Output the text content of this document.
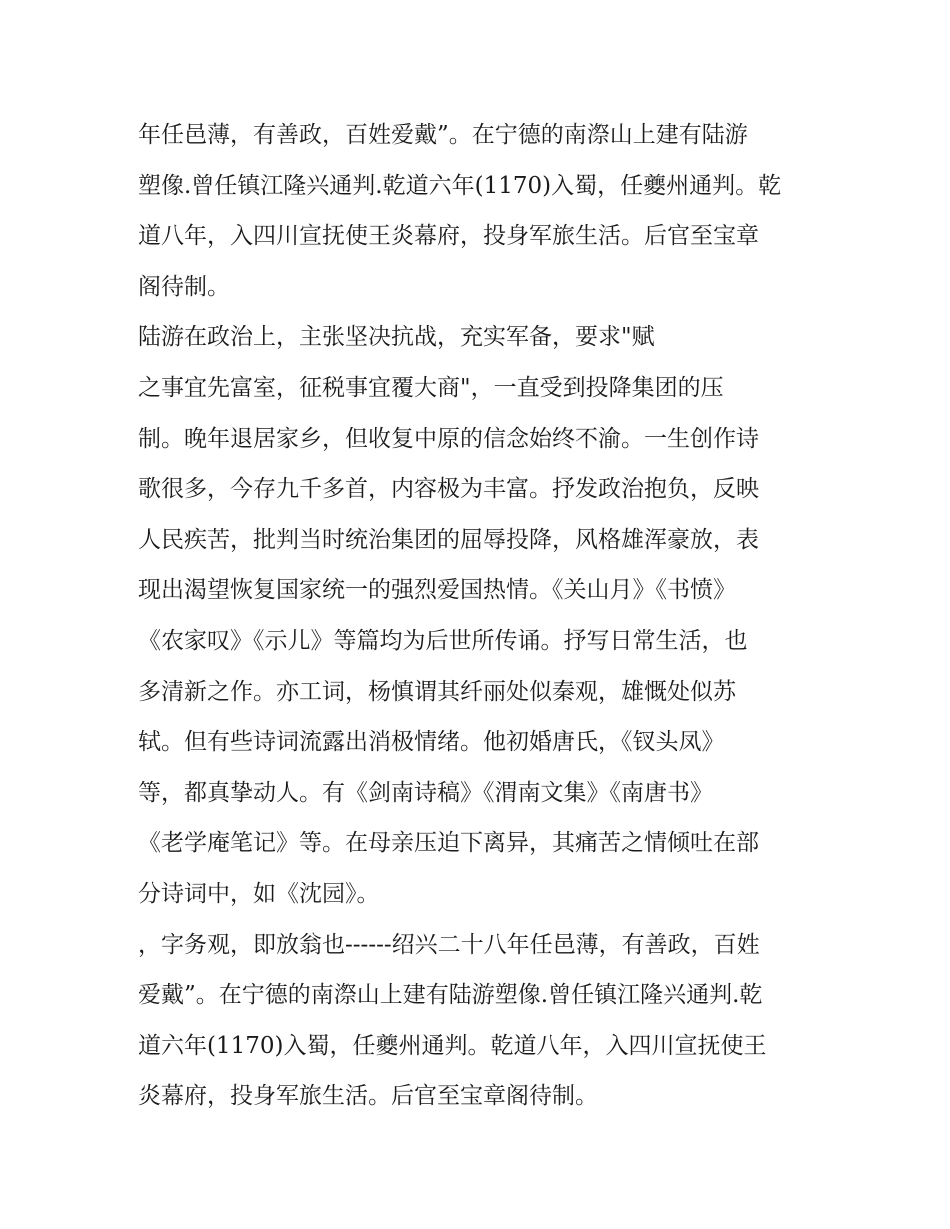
年任邑薄，有善政，百姓爱戴”。在宁德的南漈山上建有陆游
塑像.曾任镇江隆兴通判.乾道六年(1170)入蜀，任夔州通判。乾
道八年，入四川宣抚使王炎幕府，投身军旅生活。后官至宝章
阁待制。
陆游在政治上，主张坚决抗战，充实军备，要求"赋
之事宜先富室，征税事宜覆大商"，一直受到投降集团的压
制。晚年退居家乡，但收复中原的信念始终不渝。一生创作诗
歌很多，今存九千多首，内容极为丰富。抒发政治抱负，反映
人民疾苦，批判当时统治集团的屈辱投降，风格雄浑豪放，表
现出渴望恢复国家统一的强烈爱国热情。《关山月》《书愤》
《农家叹》《示儿》等篇均为后世所传诵。抒写日常生活，也
多清新之作。亦工词，杨慎谓其纤丽处似秦观，雄慨处似苏
轼。但有些诗词流露出消极情绪。他初婚唐氏，《钗头凤》
等，都真挚动人。有《剑南诗稿》《渭南文集》《南唐书》
《老学庵笔记》等。在母亲压迫下离异，其痛苦之情倾吐在部
分诗词中，如《沈园》。
，字务观，即放翁也------绍兴二十八年任邑薄，有善政，百姓
爱戴”。在宁德的南漈山上建有陆游塑像.曾任镇江隆兴通判.乾
道六年(1170)入蜀，任夔州通判。乾道八年，入四川宣抚使王
炎幕府，投身军旅生活。后官至宝章阁待制。
